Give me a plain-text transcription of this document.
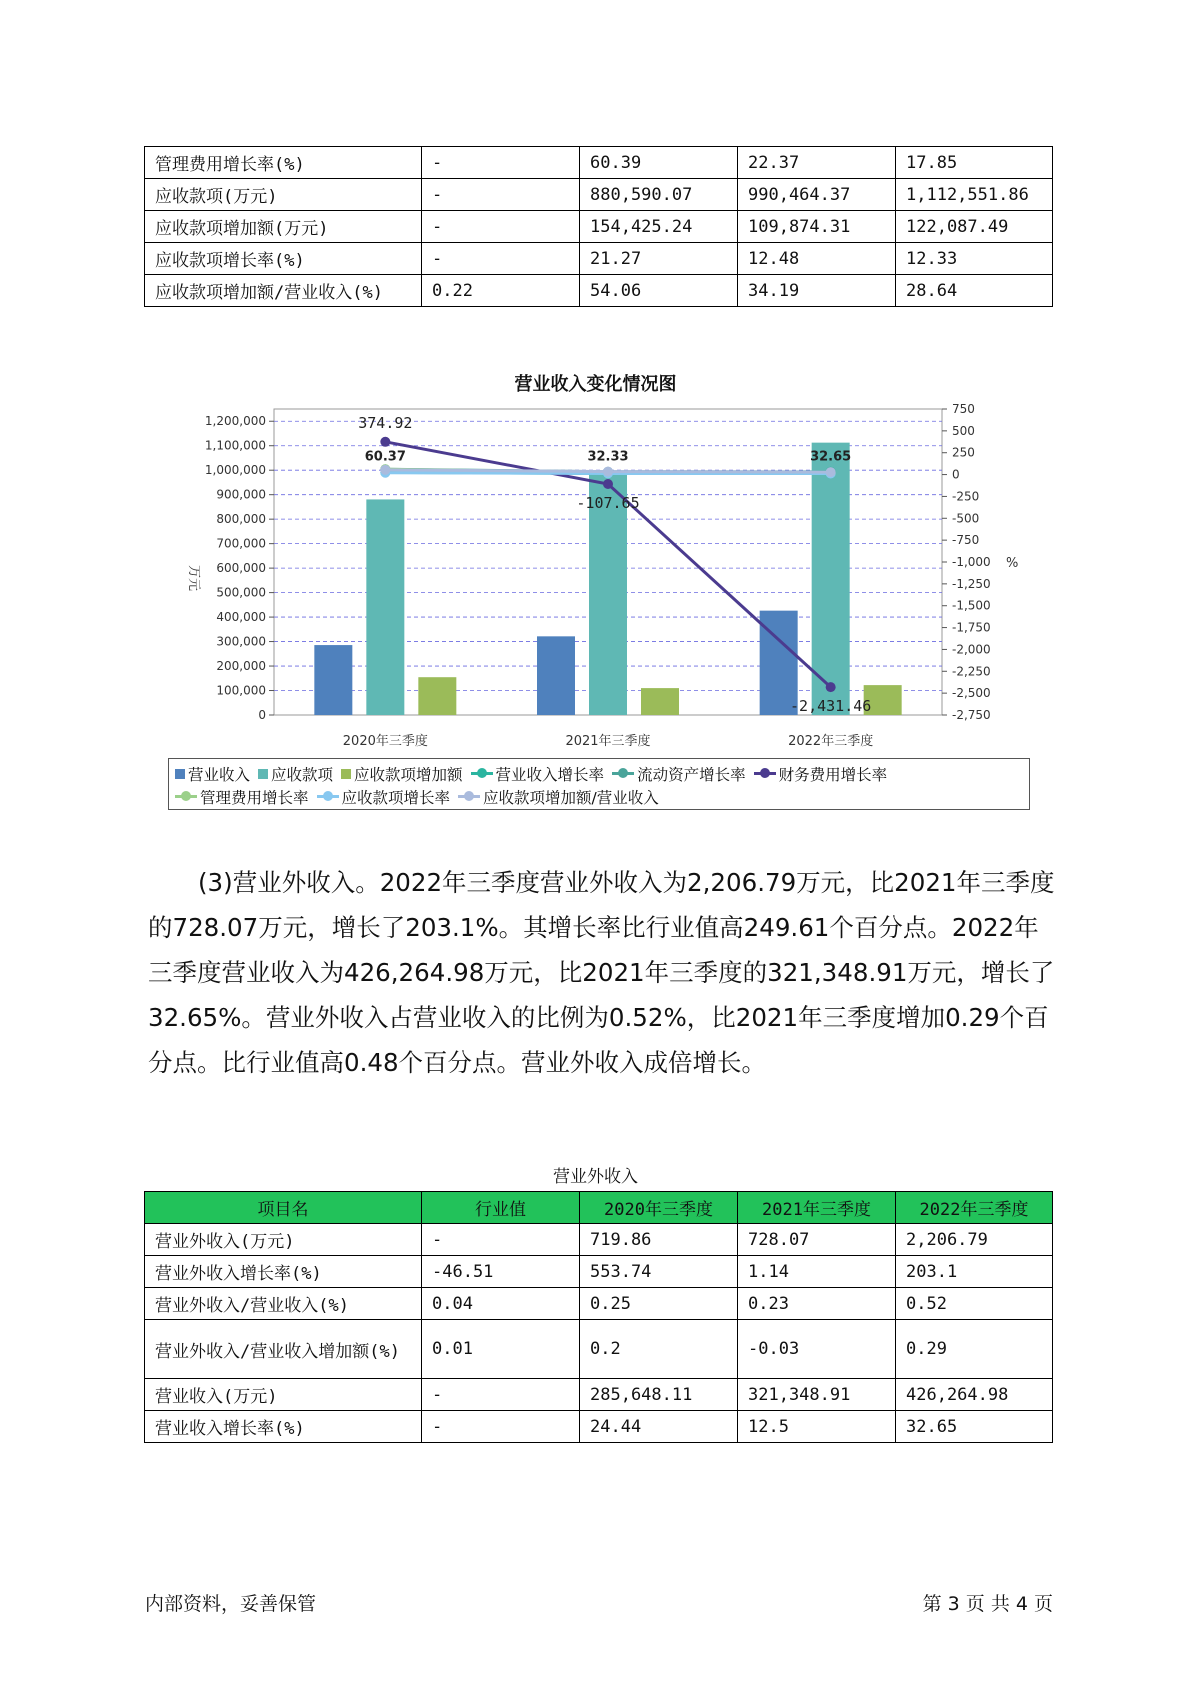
管理费用增长率(%)	-	60.39	22.37	17.85
应收款项(万元)	-	880,590.07	990,464.37	1,112,551.86
应收款项增加额(万元)	-	154,425.24	109,874.31	122,087.49
应收款项增长率(%)	-	21.27	12.48	12.33
应收款项增加额/营业收入(%)	0.22	54.06	34.19	28.64
营业收入变化情况图
0
100,000
200,000
300,000
400,000
500,000
600,000
700,000
800,000
900,000
1,000,000
1,100,000
1,200,000
-2,750
-2,500
-2,250
-2,000
-1,750
-1,500
-1,250
-1,000
-750
-500
-250
0
250
500
750
万元
%
2020年三季度	2021年三季度	2022年三季度
374.92
-107.65
-2,431.46
60.37	32.33	32.65
营业收入 应收款项 应收款项增加额 营业收入增长率 流动资产增长率 财务费用增长率
管理费用增长率 应收款项增长率 应收款项增加额/营业收入

(3)营业外收入。2022年三季度营业外收入为2,206.79万元，比2021年三季度的728.07万元，增长了203.1%。其增长率比行业值高249.61个百分点。2022年三季度营业收入为426,264.98万元，比2021年三季度的321,348.91万元，增长了32.65%。营业外收入占营业收入的比例为0.52%，比2021年三季度增加0.29个百分点。比行业值高0.48个百分点。营业外收入成倍增长。

营业外收入
项目名	行业值	2020年三季度	2021年三季度	2022年三季度
营业外收入(万元)	-	719.86	728.07	2,206.79
营业外收入增长率(%)	-46.51	553.74	1.14	203.1
营业外收入/营业收入(%)	0.04	0.25	0.23	0.52
营业外收入/营业收入增加额(%)	0.01	0.2	-0.03	0.29
营业收入(万元)	-	285,648.11	321,348.91	426,264.98
营业收入增长率(%)	-	24.44	12.5	32.65
内部资料，妥善保管	第 3 页 共 4 页
